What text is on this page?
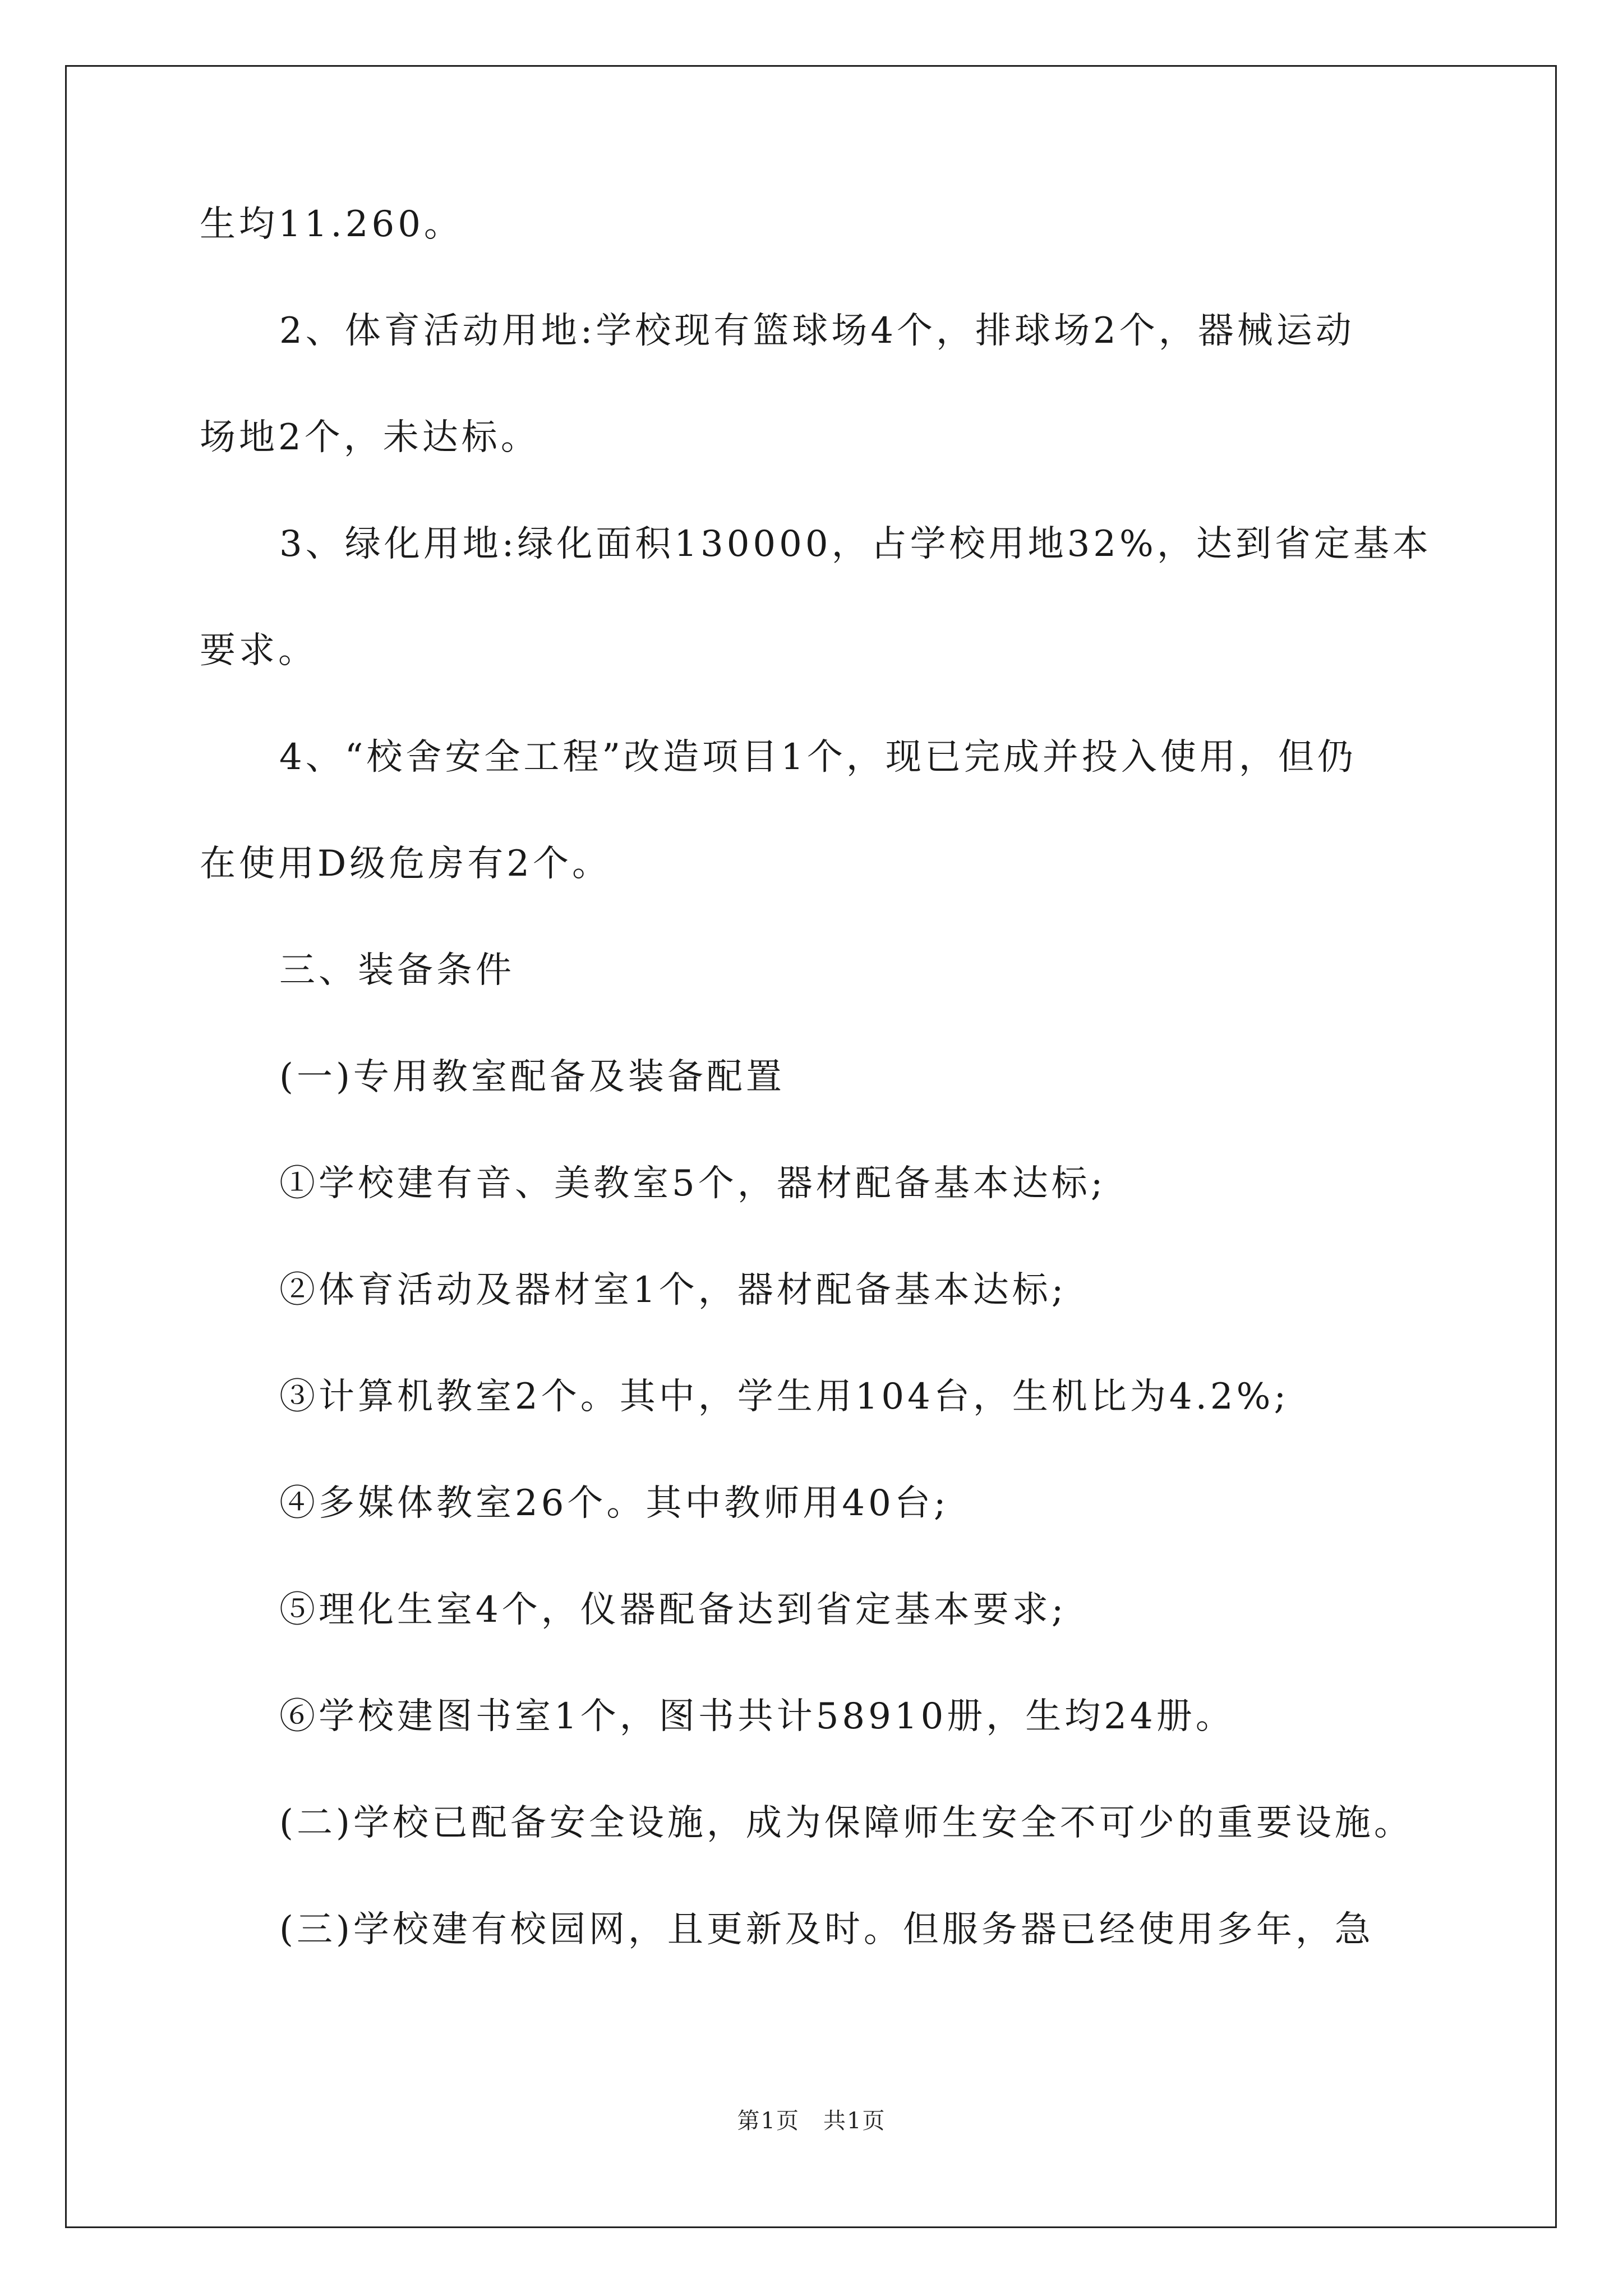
生均11.260。
2、体育活动用地:学校现有篮球场4个，排球场2个，器械运动
场地2个，未达标。
3、绿化用地:绿化面积130000，占学校用地32%，达到省定基本
要求。
4、“校舍安全工程”改造项目1个，现已完成并投入使用，但仍
在使用D级危房有2个。
三、装备条件
(一)专用教室配备及装备配置
①学校建有音、美教室5个，器材配备基本达标;
②体育活动及器材室1个，器材配备基本达标;
③计算机教室2个。其中，学生用104台，生机比为4.2%;
④多媒体教室26个。其中教师用40台;
⑤理化生室4个，仪器配备达到省定基本要求;
⑥学校建图书室1个，图书共计58910册，生均24册。
(二)学校已配备安全设施，成为保障师生安全不可少的重要设施。
(三)学校建有校园网，且更新及时。但服务器已经使用多年，急
第1页　共1页
